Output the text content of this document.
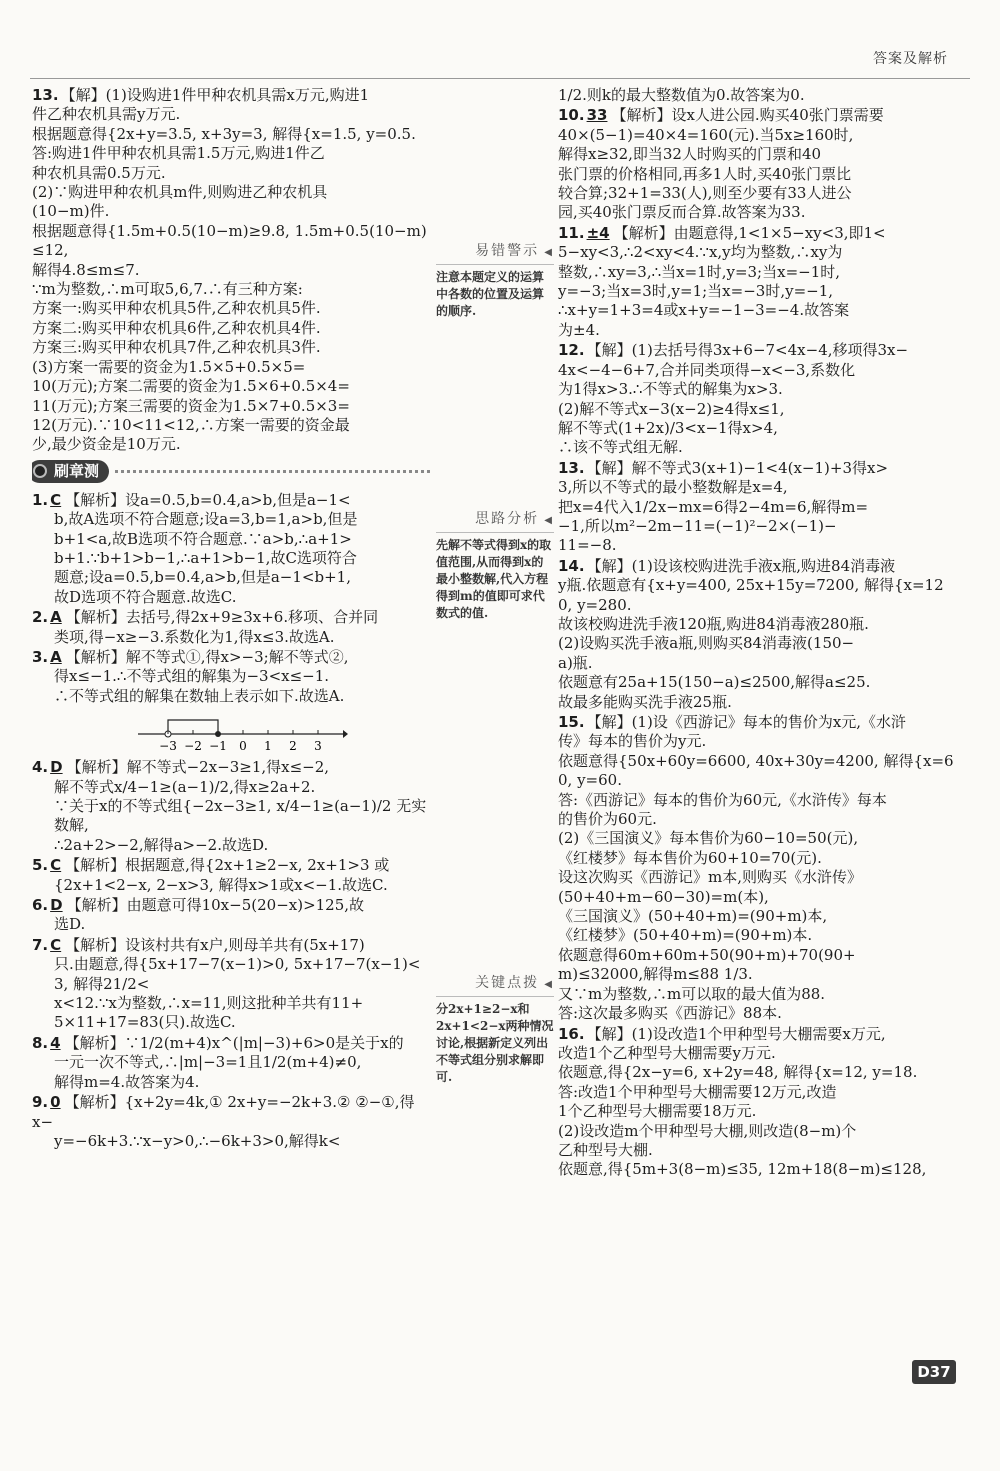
答案及解析
13. 【解】(1)设购进1件甲种农机具需x万元,购进1

件乙种农机具需y万元.

根据题意得{2x+y=3.5, x+3y=3, 解得{x=1.5, y=0.5.

答:购进1件甲种农机具需1.5万元,购进1件乙

种农机具需0.5万元.

(2)∵购进甲种农机具m件,则购进乙种农机具

(10−m)件.

根据题意得{1.5m+0.5(10−m)≥9.8, 1.5m+0.5(10−m)≤12,

解得4.8≤m≤7.

∵m为整数,∴m可取5,6,7.∴有三种方案:

方案一:购买甲种农机具5件,乙种农机具5件.

方案二:购买甲种农机具6件,乙种农机具4件.

方案三:购买甲种农机具7件,乙种农机具3件.

(3)方案一需要的资金为1.5×5+0.5×5=

10(万元);方案二需要的资金为1.5×6+0.5×4=

11(万元);方案三需要的资金为1.5×7+0.5×3=

12(万元).∵10<11<12,∴方案一需要的资金最

少,最少资金是10万元.

刷章测
1. C 【解析】设a=0.5,b=0.4,a>b,但是a−1<

b,故A选项不符合题意;设a=3,b=1,a>b,但是

b+1<a,故B选项不符合题意.∵a>b,∴a+1>

b+1.∵b+1>b−1,∴a+1>b−1,故C选项符合

题意;设a=0.5,b=0.4,a>b,但是a−1<b+1,

故D选项不符合题意.故选C.

2. A 【解析】去括号,得2x+9≥3x+6.移项、合并同

类项,得−x≥−3.系数化为1,得x≤3.故选A.

3. A 【解析】解不等式①,得x>−3;解不等式②,

得x≤−1.∴不等式组的解集为−3<x≤−1.

∴不等式组的解集在数轴上表示如下.故选A.

−3 −2 −1 0 1 2 3
4. D 【解析】解不等式−2x−3≥1,得x≤−2,

解不等式x/4−1≥(a−1)/2,得x≥2a+2.

∵关于x的不等式组{−2x−3≥1, x/4−1≥(a−1)/2 无实数解,

∴2a+2>−2,解得a>−2.故选D.

5. C 【解析】根据题意,得{2x+1≥2−x, 2x+1>3 或

{2x+1<2−x, 2−x>3, 解得x>1或x<−1.故选C.

6. D 【解析】由题意可得10x−5(20−x)>125,故

选D.

7. C 【解析】设该村共有x户,则母羊共有(5x+17)

只.由题意,得{5x+17−7(x−1)>0, 5x+17−7(x−1)<3, 解得21/2<

x<12.∵x为整数,∴x=11,则这批种羊共有11+

5×11+17=83(只).故选C.

8. 4 【解析】∵1/2(m+4)x^(|m|−3)+6>0是关于x的

一元一次不等式,∴|m|−3=1且1/2(m+4)≠0,

解得m=4.故答案为4.

9. 0 【解析】{x+2y=4k,① 2x+y=−2k+3.② ②−①,得x−

y=−6k+3.∵x−y>0,∴−6k+3>0,解得k<

易错警示 ◀
注意本题定义的运算中各数的位置及运算的顺序.
思路分析 ◀
先解不等式得到x的取值范围,从而得到x的最小整数解,代入方程得到m的值即可求代数式的值.
关键点拨 ◀
分2x+1≥2−x和2x+1<2−x两种情况讨论,根据新定义列出不等式组分别求解即可.

1/2.则k的最大整数值为0.故答案为0.

10. 33 【解析】设x人进公园.购买40张门票需要

40×(5−1)=40×4=160(元).当5x≥160时,

解得x≥32,即当32人时购买的门票和40

张门票的价格相同,再多1人时,买40张门票比

较合算;32+1=33(人),则至少要有33人进公

园,买40张门票反而合算.故答案为33.

11. ±4 【解析】由题意得,1<1×5−xy<3,即1<

5−xy<3,∴2<xy<4.∵x,y均为整数,∴xy为

整数,∴xy=3,∴当x=1时,y=3;当x=−1时,

y=−3;当x=3时,y=1;当x=−3时,y=−1,

∴x+y=1+3=4或x+y=−1−3=−4.故答案

为±4.

12. 【解】(1)去括号得3x+6−7<4x−4,移项得3x−

4x<−4−6+7,合并同类项得−x<−3,系数化

为1得x>3.∴不等式的解集为x>3.

(2)解不等式x−3(x−2)≥4得x≤1,

解不等式(1+2x)/3<x−1得x>4,

∴该不等式组无解.

13. 【解】解不等式3(x+1)−1<4(x−1)+3得x>

3,所以不等式的最小整数解是x=4,

把x=4代入1/2x−mx=6得2−4m=6,解得m=

−1,所以m²−2m−11=(−1)²−2×(−1)−

11=−8.

14. 【解】(1)设该校购进洗手液x瓶,购进84消毒液

y瓶.依题意有{x+y=400, 25x+15y=7200, 解得{x=120, y=280.

故该校购进洗手液120瓶,购进84消毒液280瓶.

(2)设购买洗手液a瓶,则购买84消毒液(150−

a)瓶.

依题意有25a+15(150−a)≤2500,解得a≤25.

故最多能购买洗手液25瓶.

15. 【解】(1)设《西游记》每本的售价为x元,《水浒

传》每本的售价为y元.

依题意得{50x+60y=6600, 40x+30y=4200, 解得{x=60, y=60.

答:《西游记》每本的售价为60元,《水浒传》每本

的售价为60元.

(2)《三国演义》每本售价为60−10=50(元),

《红楼梦》每本售价为60+10=70(元).

设这次购买《西游记》m本,则购买《水浒传》

(50+40+m−60−30)=m(本),

《三国演义》(50+40+m)=(90+m)本,

《红楼梦》(50+40+m)=(90+m)本.

依题意得60m+60m+50(90+m)+70(90+

m)≤32000,解得m≤88 1/3.

又∵m为整数,∴m可以取的最大值为88.

答:这次最多购买《西游记》88本.

16. 【解】(1)设改造1个甲种型号大棚需要x万元,

改造1个乙种型号大棚需要y万元.

依题意,得{2x−y=6, x+2y=48, 解得{x=12, y=18.

答:改造1个甲种型号大棚需要12万元,改造

1个乙种型号大棚需要18万元.

(2)设改造m个甲种型号大棚,则改造(8−m)个

乙种型号大棚.

依题意,得{5m+3(8−m)≤35, 12m+18(8−m)≤128,

D37
